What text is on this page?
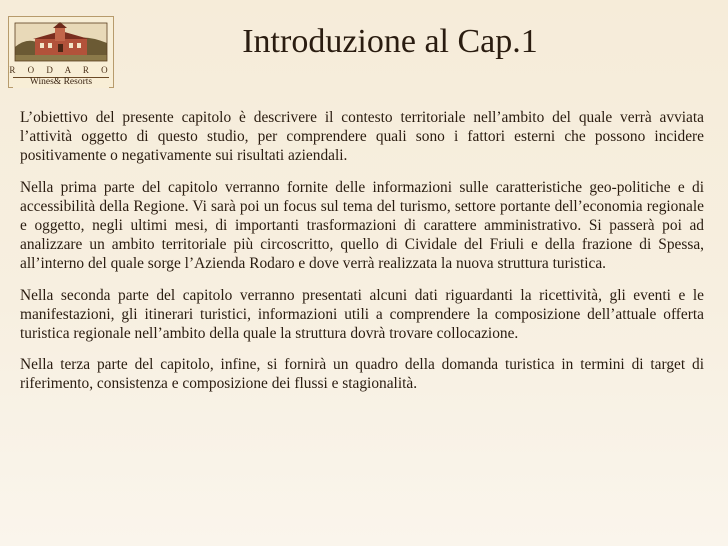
R O D A R O
Wines& Resorts
Introduzione al Cap.1

L’obiettivo del presente capitolo è descrivere il contesto territoriale nell’ambito del quale verrà avviata l’attività oggetto di questo studio, per comprendere quali sono i fattori esterni che possono incidere positivamente o negativamente sui risultati aziendali.

Nella prima parte del capitolo verranno fornite delle informazioni sulle caratteristiche geo-politiche e di accessibilità della Regione. Vi sarà poi un focus sul tema del turismo, settore portante dell’economia regionale e oggetto, negli ultimi mesi, di importanti trasformazioni di carattere amministrativo. Si passerà poi ad analizzare un ambito territoriale più circoscritto, quello di Cividale del Friuli e della frazione di Spessa, all’interno del quale sorge l’Azienda Rodaro e dove verrà realizzata la nuova struttura turistica.

Nella seconda parte del capitolo verranno presentati alcuni dati riguardanti la ricettività, gli eventi e le manifestazioni, gli itinerari turistici, informazioni utili a comprendere la composizione dell’attuale offerta turistica regionale nell’ambito della quale la struttura dovrà trovare collocazione.

Nella terza parte del capitolo, infine, si fornirà un quadro della domanda turistica in termini di target di riferimento, consistenza e composizione dei flussi e stagionalità.
